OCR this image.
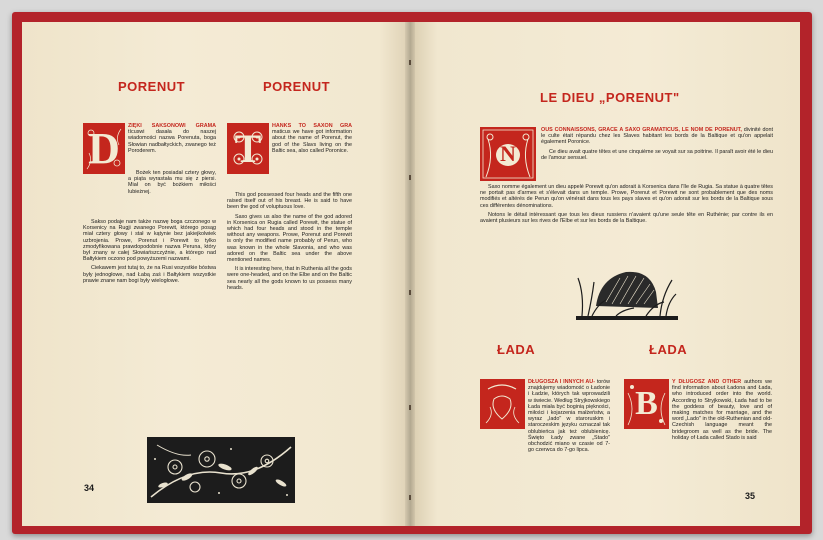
PORENUT	PORENUT
D ZIĘKI SAKSONOWI GRAMA tícuswi dasała do naszej wiadomości nazwa Porenuta, boga Słowian nadbałtyckich, zwanego też Poroderem.

Bożek ten posiadał cztery głowy, a piąta wyrastała mu się z piersi. Miał on być bożkiem miłości lubieżnej.

Sakso podaje nam także nazwę boga czczonego w Korsenicy na Rugji zwanego Porewit, którego posąg miał cztery głowy i stał w kątynie bez jakiejkolwiek uzbrojenia. Prowe, Porenut i Porewit to tylko zmodyfikowana prawdopodobnie nazwa Peruna, który był znany w całej Słowiańszczyźnie, a którego nad Bałtykiem oczono pod powyższemi nazwami.

Ciekawem jest tutaj to, że na Rusi wszystkie bóstwa były jednogłowe, nad Łabą zaś i Bałtykiem wszystkie prawie znane nam bogi były wielogłowe.

T HANKS TO SAXON GRA maticus we have got information about the name of Porenut, the god of the Slavs living on the Baltic sea, also called Poronice.

This god possessed four heads and the fifth one raised itself out of his breast. He is said to have been the god of voluptuous love.

Saxo gives us also the name of the god adored in Korsenica on Rugia called Porewit, the statue of which had four heads and stood in the temple without any weapons. Prowe, Porenut and Porewit is only the modified name probably of Perun, who was known in the whole Slavonia, and who was adored on the Baltic sea under the above mentioned names.

It is interesting here, that in Ruthenia all the gods were one-headed, and on the Elbe and on the Baltic sea nearly all the gods known to us possess many heads.

34
LE DIEU „PORENUT"
N

OUS CONNAISSONS, GRACE A SAXO GRAMATICUS, LE NOM DE PORENUT, divinité dont le culte était répandu chez les Slaves habitant les bords de la Baltique et qu'on appelait également Poronice.

Ce dieu avait quatre têtes et une cinquième se voyait sur sa poitrine. Il paraît avoir été le dieu de l'amour sensuel.

Saxo nomme également un dieu appelé Porewit qu'on adorait à Korsenica dans l'île de Rugia. Sa statue à quatre têtes ne portait pas d'armes et s'élevait dans un temple. Prowe, Porenut et Porewit ne sont probablement que des noms modifiés et altérés de Perun qu'on vénérait dans tous les pays slaves et qu'on adorait sur les bords de la Baltique sous ces différentes dénominations.

Notons le détail intéressant que tous les dieux russiens n'avaient qu'une seule tête en Ruthénie; par contre ils en avaient plusieurs sur les rives de l'Elbe et sur les bords de la Baltique.

ŁADA	ŁADA

DŁUGOSZA I INNYCH AU- torów znajdujemy wiadomość o Ładonie i Ładzie, których tak wprowadzili w świecie. Według Stryjkowskiego Łada miała być boginią piękności, miłości i kojarzenia małżeństw, a wyraz „lado" w staroruskim i staroczeskim języku oznaczał tak oblubieńca jak też oblubienicę. Święto Łady zwane „Stado" obchodzić miano w czasie od 7-go czerwca do 7-go lipca.

B

Y DŁUGOSZ AND OTHER authors we find information about Ładona and Łada, who introduced order into the world. According to Stryjkowski, Łada had to be the goddess of beauty, love and of making matches for marriage, and the word „Lado" in the old-Ruthenian and old-Czechish language meant the bridegroom as well as the bride. The holiday of Łada called Stado is said

35
